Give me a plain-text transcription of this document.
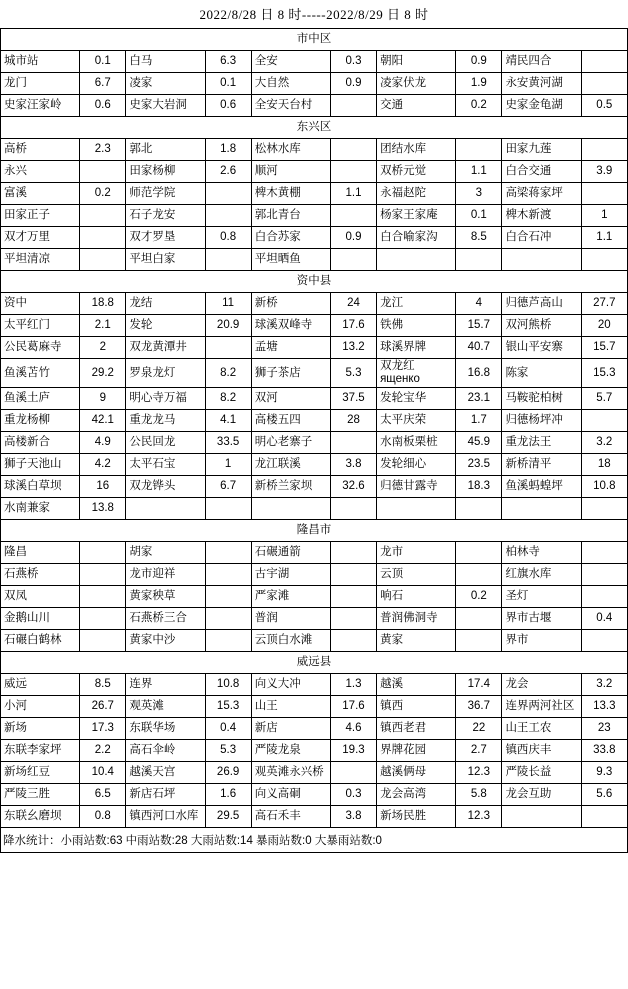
2022/8/28 日 8 时-----2022/8/29 日 8 时
市中区									
城市站	0.1	白马	6.3	全安	0.3	朝阳	0.9	靖民四合	
龙门	6.7	凌家	0.1	大自然	0.9	凌家伏龙	1.9	永安黄河湖	
史家汪家岭	0.6	史家大岩洞	0.6	全安天台村		交通	0.2	史家金龟湖	0.5
东兴区									
高桥	2.3	郭北	1.8	松林水库		团结水库		田家九莲	
永兴		田家杨柳	2.6	顺河		双桥元觉	1.1	白合交通	3.9
富溪	0.2	师范学院		椑木黄棚	1.1	永福赵陀	3	高梁蒋家坪	
田家正子		石子龙安		郭北青台		杨家王家庵	0.1	椑木新渡	1
双才万里		双才罗垦	0.8	白合苏家	0.9	白合喻家沟	8.5	白合石冲	1.1
平坦清凉		平坦白家		平坦晒鱼					
资中县									
资中	18.8	龙结	11	新桥	24	龙江	4	归德芦高山	27.7
太平红门	2.1	发轮	20.9	球溪双峰寺	17.6	铁佛	15.7	双河熊桥	20
公民葛麻寺	2	双龙黄潭井		孟塘	13.2	球溪界牌	40.7	银山平安寨	15.7
鱼溪苫竹	29.2	罗泉龙灯	8.2	狮子茶店	5.3	双龙红ященко	16.8	陈家	15.3
鱼溪土庐	9	明心寺万福	8.2	双河	37.5	发轮宝华	23.1	马鞍驼柏树	5.7
重龙杨柳	42.1	重龙龙马	4.1	高楼五四	28	太平庆荣	1.7	归德杨坪冲	
高楼新合	4.9	公民回龙	33.5	明心老寨子		水南板栗桩	45.9	重龙法王	3.2
狮子天池山	4.2	太平石宝	1	龙江联溪	3.8	发轮细心	23.5	新桥清平	18
球溪白草坝	16	双龙铧头	6.7	新桥兰家坝	32.6	归德甘露寺	18.3	鱼溪蚂蝗坪	10.8
水南兼家	13.8								
隆昌市									
隆昌		胡家		石碾通箭		龙市		柏林寺	
石燕桥		龙市迎祥		古宇湖		云顶		红旗水库	
双凤		黄家秧草		严家滩		响石	0.2	圣灯	
金鹅山川		石燕桥三合		普润		普润佛洞寺		界市古堰	0.4
石碾白鹤林		黄家中沙		云顶白水滩		黄家		界市	
威远县									
威远	8.5	连界	10.8	向义大冲	1.3	越溪	17.4	龙会	3.2
小河	26.7	观英滩	15.3	山王	17.6	镇西	36.7	连界两河社区	13.3
新场	17.3	东联华场	0.4	新店	4.6	镇西老君	22	山王工农	23
东联李家坪	2.2	高石伞岭	5.3	严陵龙泉	19.3	界牌花园	2.7	镇西庆丰	33.8
新场红豆	10.4	越溪天宫	26.9	观英滩永兴桥		越溪俩母	12.3	严陵长益	9.3
严陵三胜	6.5	新店石坪	1.6	向义高硐	0.3	龙会高湾	5.8	龙会互助	5.6
东联幺磨坝	0.8	镇西河口水库	29.5	高石禾丰	3.8	新场民胜	12.3		
降水统计：小雨站数:63 中雨站数:28 大雨站数:14 暴雨站数:0 大暴雨站数:0
